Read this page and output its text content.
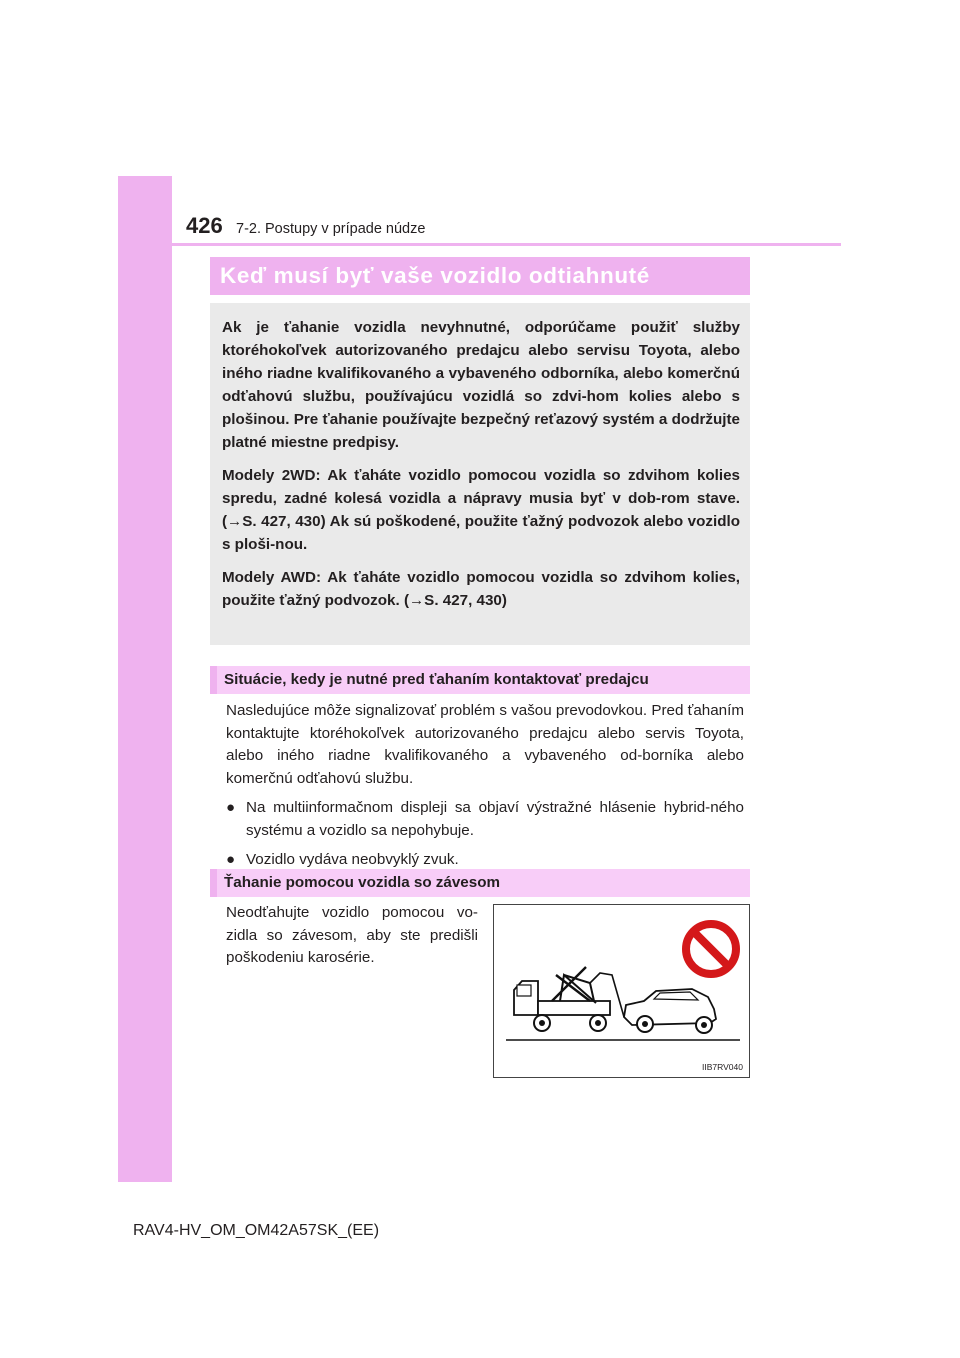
426 7-2. Postupy v prípade núdze
Keď musí byť vaše vozidlo odtiahnuté

Ak je ťahanie vozidla nevyhnutné, odporúčame použiť služby ktoréhokoľvek autorizovaného predajcu alebo servisu Toyota, alebo iného riadne kvalifikovaného a vybaveného odborníka, alebo komerčnú odťahovú službu, používajúcu vozidlá so zdvi-hom kolies alebo s plošinou. Pre ťahanie používajte bezpečný reťazový systém a dodržujte platné miestne predpisy.

Modely 2WD: Ak ťaháte vozidlo pomocou vozidla so zdvihom kolies spredu, zadné kolesá vozidla a nápravy musia byť v dob-rom stave. (→S. 427, 430) Ak sú poškodené, použite ťažný podvozok alebo vozidlo s ploši-nou.

Modely AWD: Ak ťaháte vozidlo pomocou vozidla so zdvihom kolies, použite ťažný podvozok. (→S. 427, 430)

Situácie, kedy je nutné pred ťahaním kontaktovať predajcu

Nasledujúce môže signalizovať problém s vašou prevodovkou. Pred ťahaním kontaktujte ktoréhokoľvek autorizovaného predajcu alebo servis Toyota, alebo iného riadne kvalifikovaného a vybaveného od-borníka alebo komerčnú odťahovú službu.

● Na multiinformačnom displeji sa objaví výstražné hlásenie hybrid-ného systému a vozidlo sa nepohybuje.
● Vozidlo vydáva neobvyklý zvuk.
Ťahanie pomocou vozidla so závesom

Neodťahujte vozidlo pomocou vo-zidla so závesom, aby ste predišli poškodeniu karosérie.

IIB7RV040
RAV4-HV_OM_OM42A57SK_(EE)
